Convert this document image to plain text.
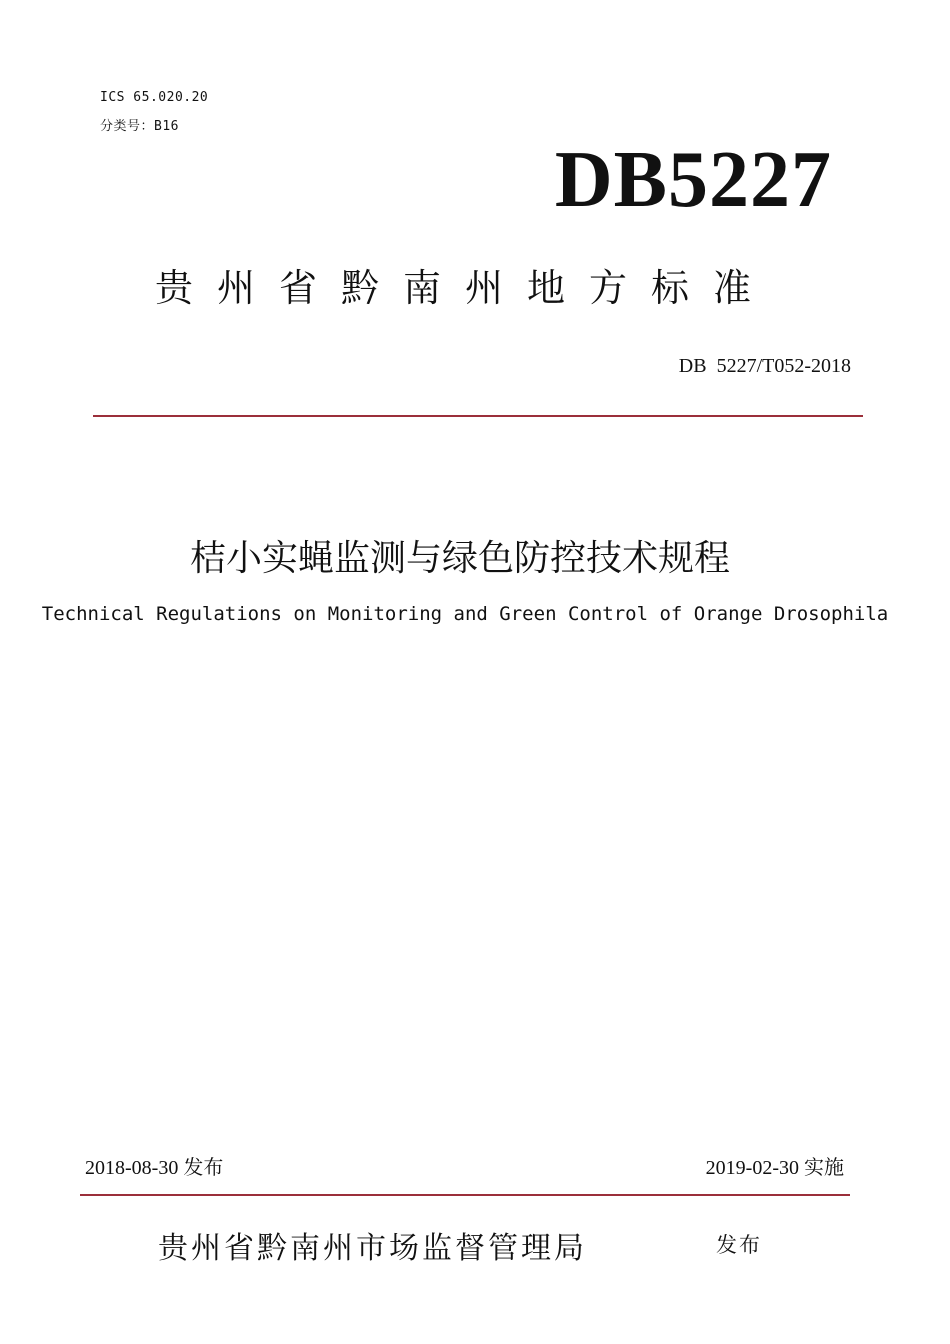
ICS 65.020.20
分类号：B16
DB5227
贵州省黔南州地方标准
DB  5227/T052-2018
桔小实蝇监测与绿色防控技术规程
Technical Regulations on Monitoring and Green Control of Orange Drosophila
2018-08-30 发布	2019-02-30 实施
贵州省黔南州市场监督管理局	发布
